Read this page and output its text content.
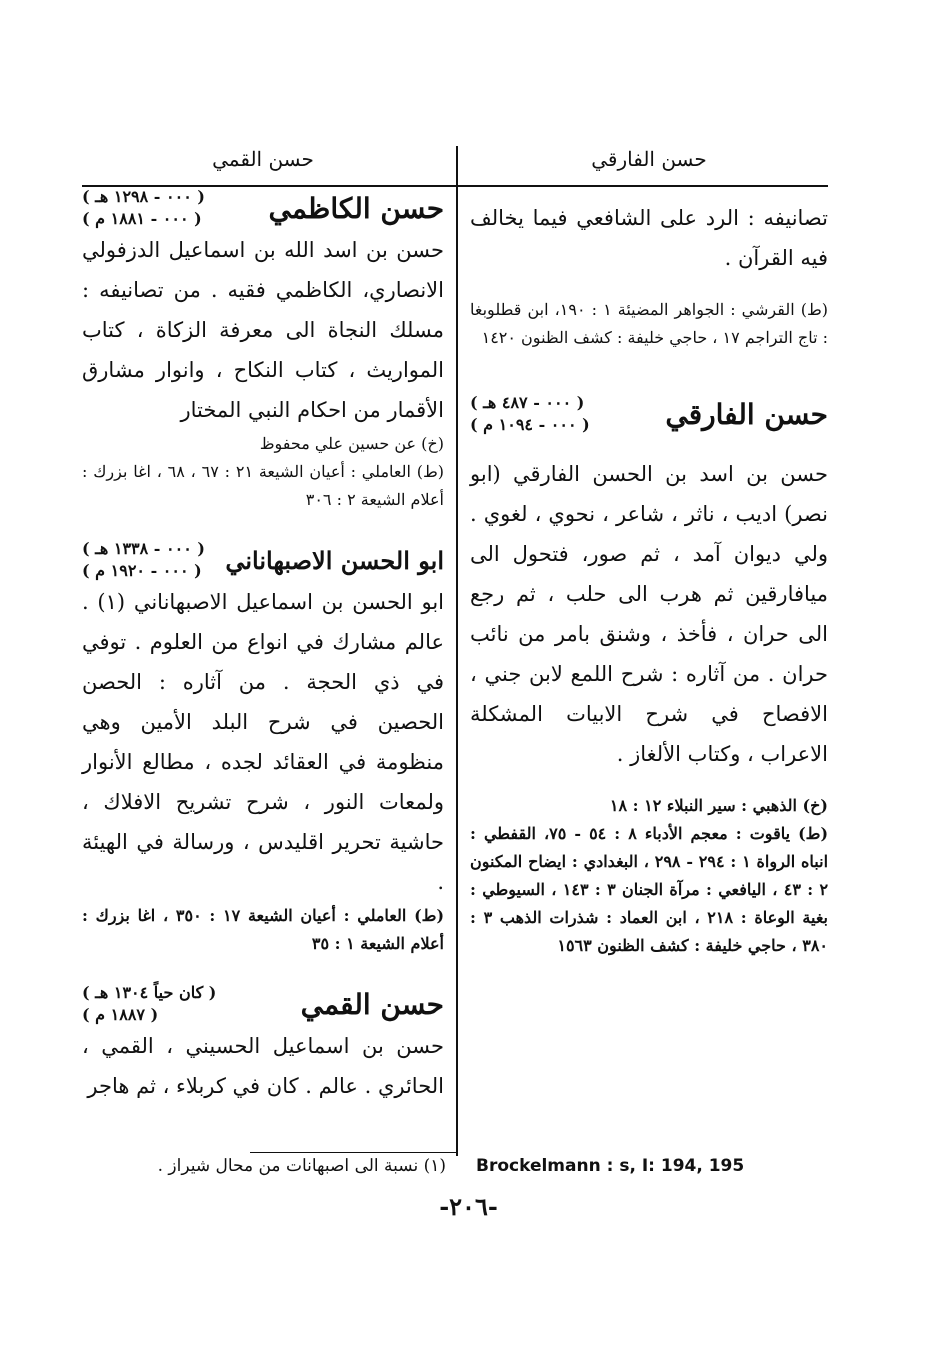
حسن الفارقي
تصانيفه : الرد على الشافعي فيما يخالف فيه القرآن .
(ط) القرشي : الجواهر المضيئة ١ : ١٩٠، ابن قطلوبغا : تاج التراجم ١٧ ، حاجي خليفة : كشف الظنون ١٤٢٠
حسن الفارقي
( ٠٠٠ - ٤٨٧ هـ )
( ٠٠٠ - ١٠٩٤ م )
حسن بن اسد بن الحسن الفارقي (ابو نصر) اديب ، ناثر ، شاعر ، نحوي ، لغوي . ولي ديوان آمد ، ثم صور، فتحول الى ميافارقين ثم هرب الى حلب ، ثم رجع الى حران ، فأخذ ، وشنق بامر من نائب حران . من آثاره : شرح اللمع لابن جني ، الافصاح في شرح الابيات المشكلة الاعراب ، وكتاب الألغاز .
(خ) الذهبي : سير النبلاء ١٢ : ١٨
(ط) ياقوت : معجم الأدباء ٨ : ٥٤ - ٧٥، القفطي : انباه الرواة ١ : ٢٩٤ - ٢٩٨ ، البغدادي : ايضاح المكنون ٢ : ٤٣ ، اليافعي : مرآة الجنان ٣ : ١٤٣ ، السيوطي : بغية الوعاة : ٢١٨ ، ابن العماد : شذرات الذهب ٣ : ٣٨٠ ، حاجي خليفة : كشف الظنون ١٥٦٣
حسن القمي
حسن الكاظمي
( ٠٠٠ - ١٢٩٨ هـ )
( ٠٠٠ - ١٨٨١ م )
حسن بن اسد الله بن اسماعيل الدزفولي الانصاري، الكاظمي فقيه . من تصانيفه : مسلك النجاة الى معرفة الزكاة ، كتاب المواريث ، كتاب النكاح ، وانوار مشارق الأقمار من احكام النبي المختار
(خ) عن حسين علي محفوظ
(ط) العاملي : أعيان الشيعة ٢١ : ٦٧ ، ٦٨ ، اغا بزرك : أعلام الشيعة ٢ : ٣٠٦
ابو الحسن الاصبهاناني
( ٠٠٠ - ١٣٣٨ هـ )
( ٠٠٠ - ١٩٢٠ م )
ابو الحسن بن اسماعيل الاصبهاناني (١) . عالم مشارك في انواع من العلوم . توفي في ذي الحجة . من آثاره : الحصن الحصين في شرح البلد الأمين وهي منظومة في العقائد لجده ، مطالع الأنوار ولمعات النور ، شرح تشريح الافلاك ، حاشية تحرير اقليدس ، ورسالة في الهيئة .
(ط) العاملي : أعيان الشيعة ١٧ : ٣٥٠ ، اغا بزرك : أعلام الشيعة ١ : ٣٥
حسن القمي
( كان حياً ١٣٠٤ هـ )
( ١٨٨٧ م )
حسن بن اسماعيل الحسيني ، القمي ، الحائري . عالم . كان في كربلاء ، ثم هاجر
(١) نسبة الى اصبهانات من محال شيراز . Brockelmann : s, I: 194, 195
-٢٠٦-
